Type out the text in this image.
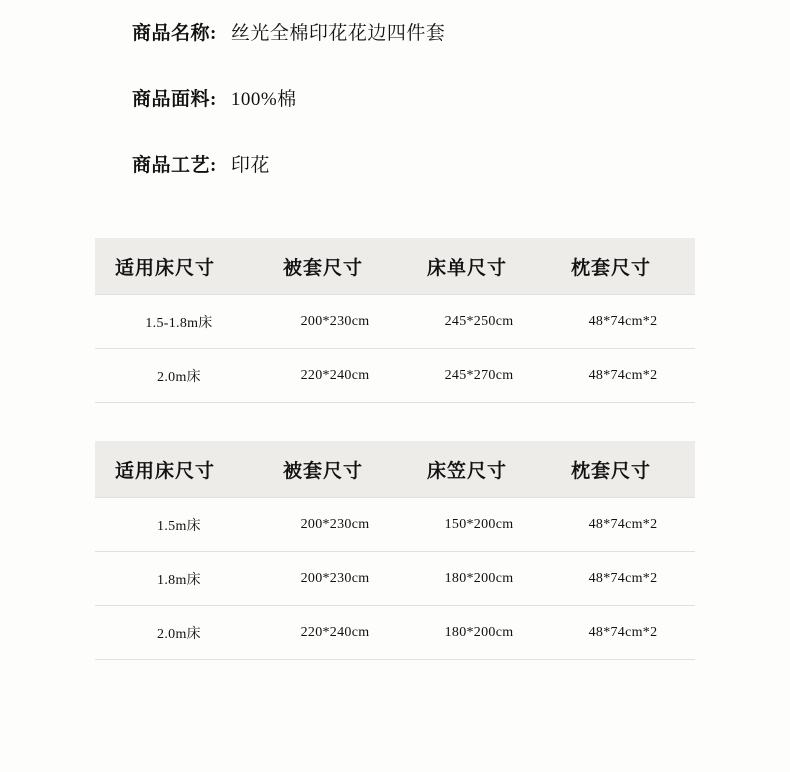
商品名称: 丝光全棉印花花边四件套
商品面料: 100%棉
商品工艺: 印花
适用床尺寸	被套尺寸	床单尺寸	枕套尺寸
1.5-1.8m床	200*230cm	245*250cm	48*74cm*2
2.0m床	220*240cm	245*270cm	48*74cm*2
适用床尺寸	被套尺寸	床笠尺寸	枕套尺寸
1.5m床	200*230cm	150*200cm	48*74cm*2
1.8m床	200*230cm	180*200cm	48*74cm*2
2.0m床	220*240cm	180*200cm	48*74cm*2
